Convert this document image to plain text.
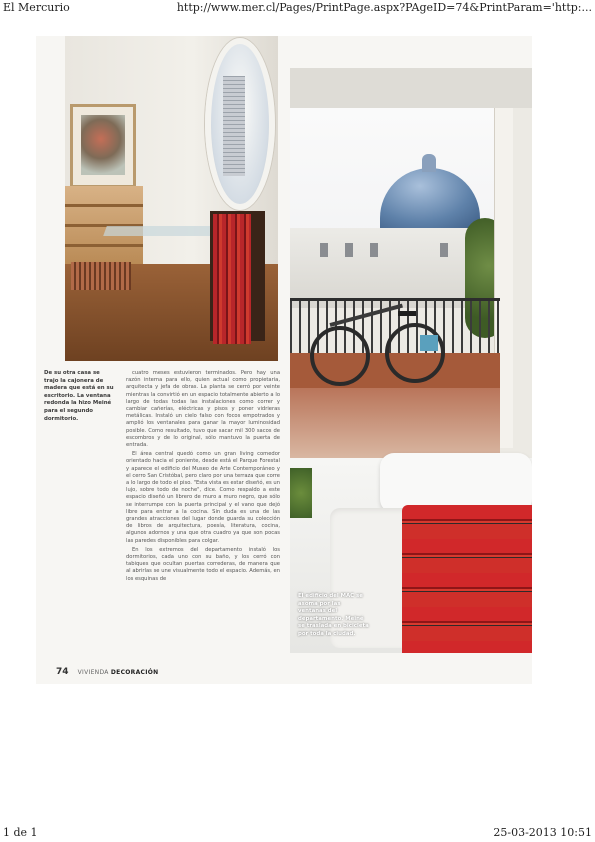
El Mercurio	http://www.mer.cl/Pages/PrintPage.aspx?PAgeID=74&PrintParam='http:...
De su otra casa se trajo la cajonera de madera que está en su escritorio. La ventana redonda la hizo Meiné para el segundo dormitorio.
El edificio del MAC se asoma por las ventanas del departamento. Meiné se traslada en bicicleta por toda la ciudad.

cuatro meses estuvieron terminados. Pero hay una razón interna para ello, quien actual como propietaria, arquitecta y jefa de obras. La planta se cerró por veinte mientras la convirtió en un espacio totalmente abierto a lo largo de todas todas las instalaciones como correr y cambiar cañerías, eléctricas y pisos y poner vidrieras metálicas. Instaló un cielo falso con focos empotrados y amplió los ventanales para ganar la mayor luminosidad posible. Como resultado, tuvo que sacar mil 300 sacos de escombros y de lo original, sólo mantuvo la puerta de entrada.

El área central quedó como un gran living comedor orientado hacia el poniente, desde está el Parque Forestal y aparece el edificio del Museo de Arte Contemporáneo y el cerro San Cristóbal, pero claro por una terraza que corre a lo largo de todo el piso. "Esta vista es estar diseñó, es un lujo, sobre todo de noche", dice. Como respaldo a este espacio diseñó un librero de muro a muro negro, que sólo se interrumpe con la puerta principal y el vano que dejó libre para entrar a la cocina. Sin duda es una de las grandes atracciones del lugar donde guarda su colección de libros de arquitectura, poesía, literatura, cocina, algunos adornos y una que otra cuadro ya que son pocas las paredes disponibles para colgar.

En los extremos del departamento instaló los dormitorios, cada uno con su baño, y los cerró con tabiques que ocultan puertas correderas, de manera que al abrirlas se une visualmente todo el espacio. Además, en los esquinas de

74 VIVIENDA DECORACIÓN
1 de 1	25-03-2013 10:51
